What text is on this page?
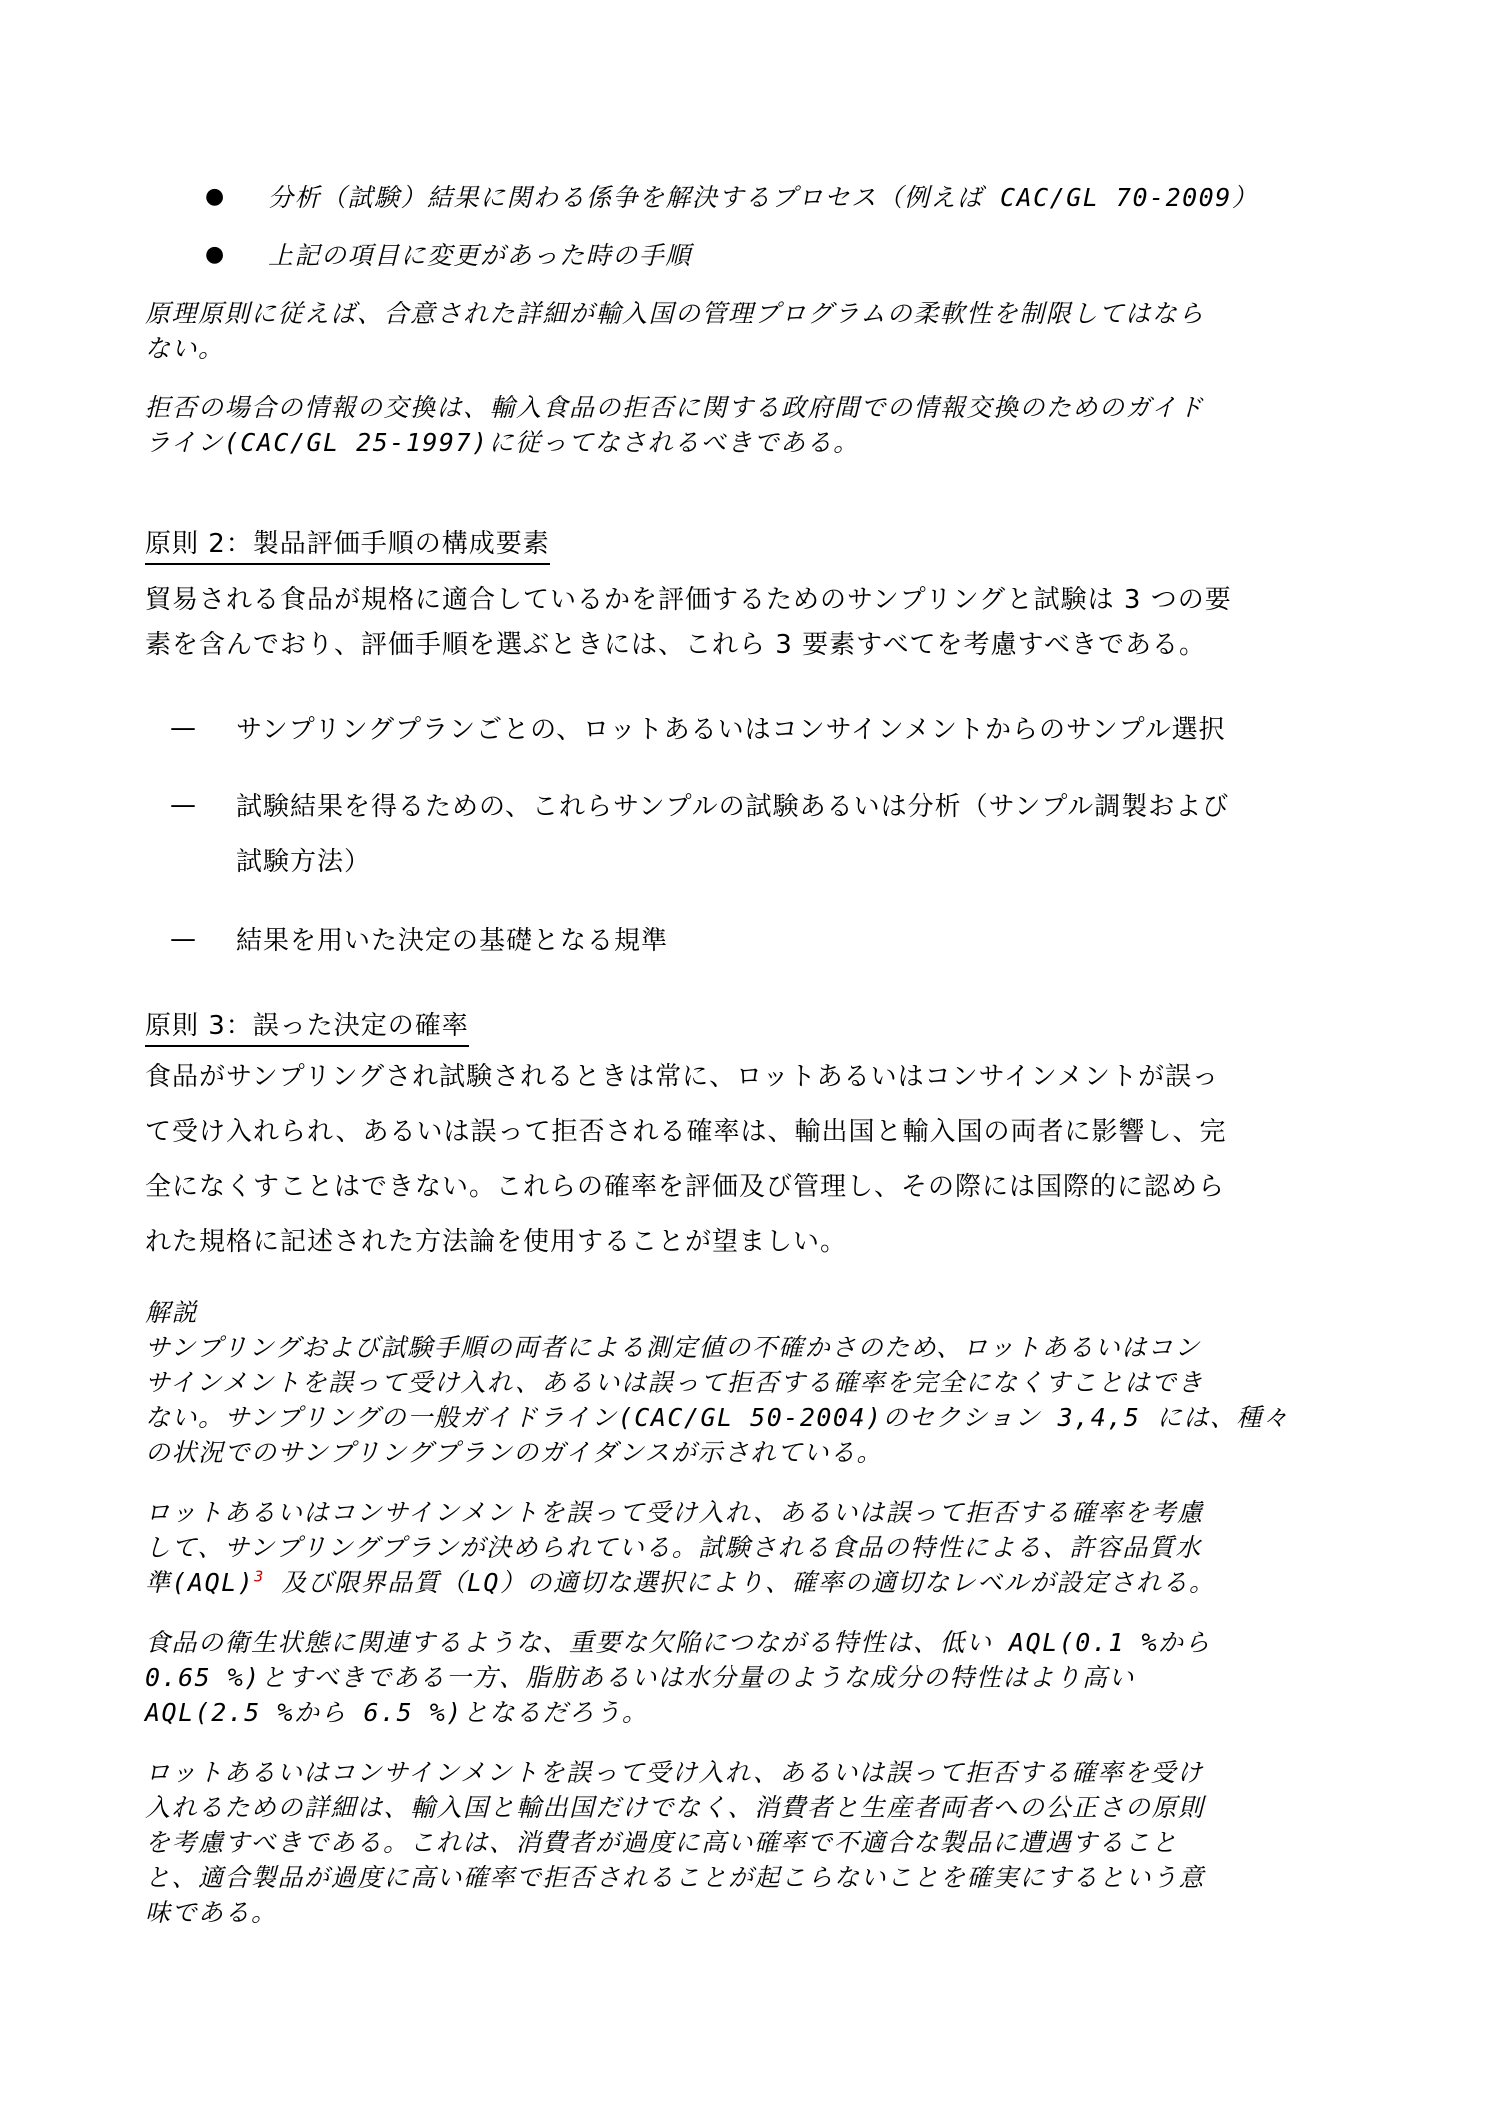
● 分析（試験）結果に関わる係争を解決するプロセス（例えば CAC/GL 70-2009）
● 上記の項目に変更があった時の手順
原理原則に従えば、合意された詳細が輸入国の管理プログラムの柔軟性を制限してはなら
ない。
拒否の場合の情報の交換は、輸入食品の拒否に関する政府間での情報交換のためのガイド
ライン(CAC/GL 25-1997)に従ってなされるべきである。
原則 2：製品評価手順の構成要素
貿易される食品が規格に適合しているかを評価するためのサンプリングと試験は 3 つの要
素を含んでおり、評価手順を選ぶときには、これら 3 要素すべてを考慮すべきである。
— サンプリングプランごとの、ロットあるいはコンサインメントからのサンプル選択
— 試験結果を得るための、これらサンプルの試験あるいは分析（サンプル調製および
試験方法）
— 結果を用いた決定の基礎となる規準
原則 3：誤った決定の確率
食品がサンプリングされ試験されるときは常に、ロットあるいはコンサインメントが誤っ
て受け入れられ、あるいは誤って拒否される確率は、輸出国と輸入国の両者に影響し、完
全になくすことはできない。これらの確率を評価及び管理し、その際には国際的に認めら
れた規格に記述された方法論を使用することが望ましい。
解説
サンプリングおよび試験手順の両者による測定値の不確かさのため、ロットあるいはコン
サインメントを誤って受け入れ、あるいは誤って拒否する確率を完全になくすことはでき
ない。サンプリングの一般ガイドライン(CAC/GL 50-2004)のセクション 3,4,5 には、種々
の状況でのサンプリングプランのガイダンスが示されている。
ロットあるいはコンサインメントを誤って受け入れ、あるいは誤って拒否する確率を考慮
して、サンプリングプランが決められている。試験される食品の特性による、許容品質水
準(AQL)$^3$ 及び限界品質（LQ）の適切な選択により、確率の適切なレベルが設定される。
食品の衛生状態に関連するような、重要な欠陥につながる特性は、低い AQL(0.1 %から
0.65 %)とすべきである一方、脂肪あるいは水分量のような成分の特性はより高い
AQL(2.5 %から 6.5 %)となるだろう。
ロットあるいはコンサインメントを誤って受け入れ、あるいは誤って拒否する確率を受け
入れるための詳細は、輸入国と輸出国だけでなく、消費者と生産者両者への公正さの原則
を考慮すべきである。これは、消費者が過度に高い確率で不適合な製品に遭遇すること
と、適合製品が過度に高い確率で拒否されることが起こらないことを確実にするという意
味である。
